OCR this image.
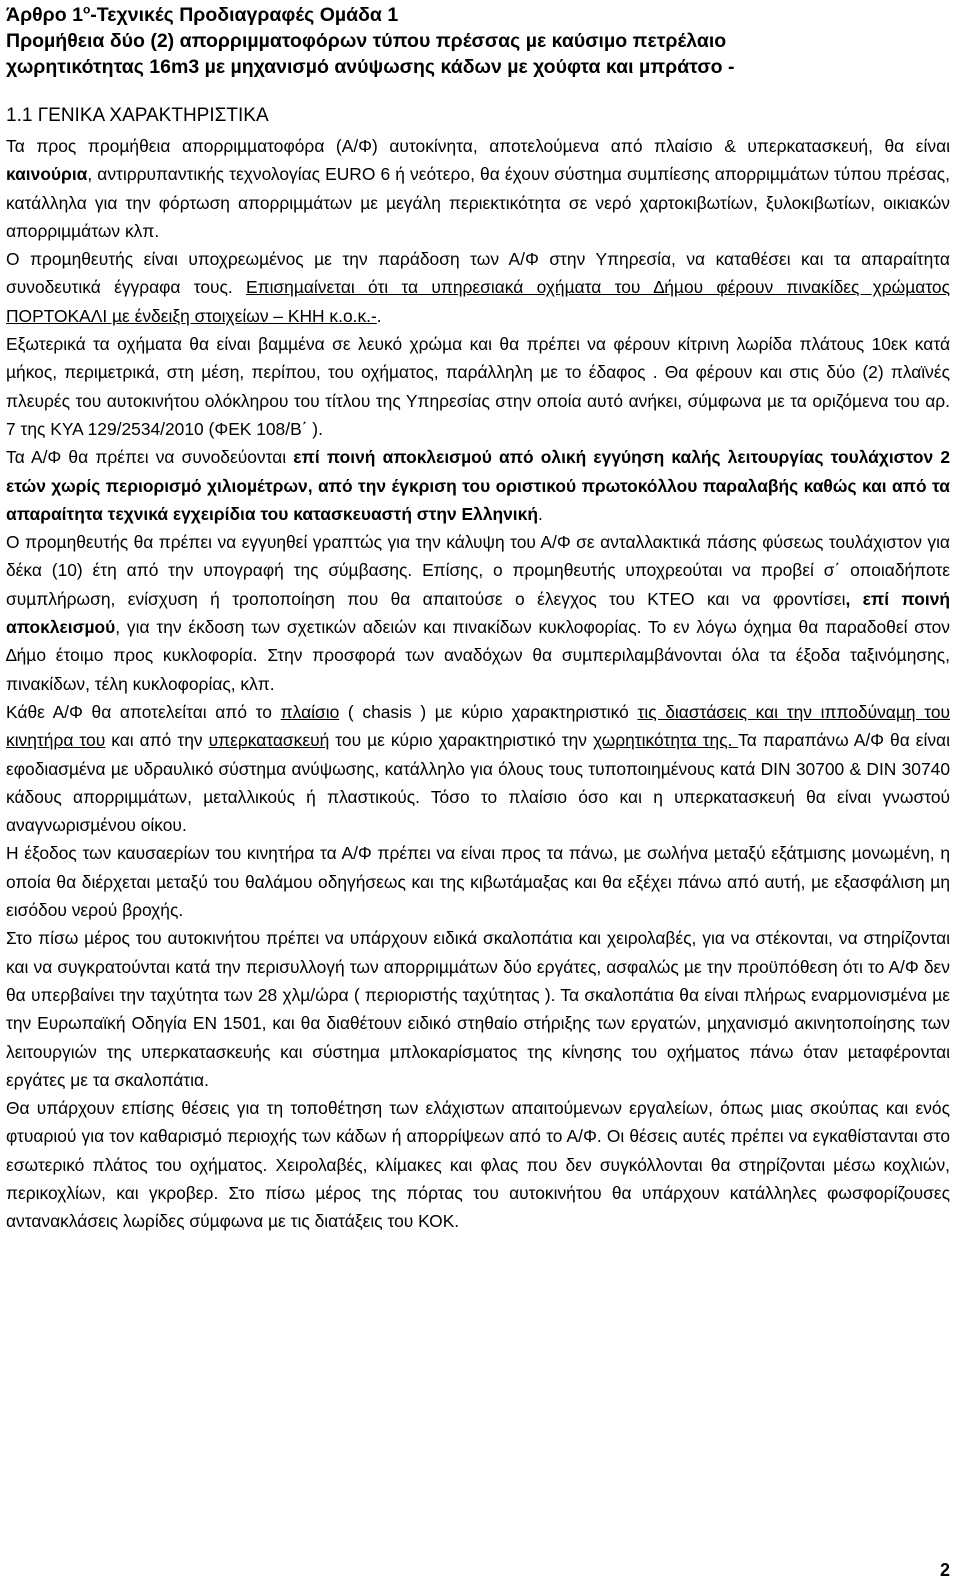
Άρθρο $1^o$-Τεχνικές Προδιαγραφές Οµάδα 1
Προµήθεια δύο (2) απορριµµατοφόρων τύπου πρέσσας µε καύσιµο πετρέλαιο
χωρητικότητας 16m3 µε µηχανισµό ανύψωσης κάδων µε χούφτα και µπράτσο -
1.1 ΓΕΝΙΚΑ ΧΑΡΑΚΤΗΡΙΣΤΙΚΑ

Τα προς προµήθεια απορριµµατοφόρα (Α/Φ) αυτοκίνητα, αποτελούµενα από πλαίσιο & υπερκατασκευή, θα είναι καινούρια, αντιρρυπαντικής τεχνολογίας EURO 6 ή νεότερο, θα έχουν σύστηµα συµπίεσης απορριµµάτων τύπου πρέσας, κατάλληλα για την φόρτωση απορριµµάτων µε µεγάλη περιεκτικότητα σε νερό χαρτοκιβωτίων, ξυλοκιβωτίων, οικιακών απορριµµάτων κλπ.

Ο προµηθευτής είναι υποχρεωµένος µε την παράδοση των Α/Φ στην Υπηρεσία, να καταθέσει και τα απαραίτητα συνοδευτικά έγγραφα τους. Επισηµαίνεται ότι τα υπηρεσιακά οχήµατα του ∆ήµου φέρουν πινακίδες χρώµατος ΠΟΡΤΟΚΑΛΙ µε ένδειξη στοιχείων – ΚΗΗ κ.ο.κ.-.

Εξωτερικά τα οχήµατα θα είναι βαµµένα σε λευκό χρώµα και θα πρέπει να φέρουν κίτρινη λωρίδα πλάτους 10εκ κατά µήκος, περιµετρικά, στη µέση, περίπου, του οχήµατος, παράλληλη µε το έδαφος . Θα φέρουν και στις δύο (2) πλαϊνές πλευρές του αυτοκινήτου ολόκληρου του τίτλου της Υπηρεσίας στην οποία αυτό ανήκει, σύµφωνα µε τα οριζόµενα του αρ. 7 της ΚΥΑ 129/2534/2010 (ΦΕΚ 108/Β΄ ).

Τα Α/Φ θα πρέπει να συνοδεύονται επί ποινή αποκλεισµού από ολική εγγύηση καλής λειτουργίας τουλάχιστον 2 ετών χωρίς περιορισµό χιλιοµέτρων, από την έγκριση του οριστικού πρωτοκόλλου παραλαβής καθώς και από τα απαραίτητα τεχνικά εγχειρίδια του κατασκευαστή στην Ελληνική.

Ο προµηθευτής θα πρέπει να εγγυηθεί γραπτώς για την κάλυψη του Α/Φ σε ανταλλακτικά πάσης φύσεως τουλάχιστον για δέκα (10) έτη από την υπογραφή της σύµβασης. Επίσης, ο προµηθευτής υποχρεούται να προβεί σ΄ οποιαδήποτε συµπλήρωση, ενίσχυση ή τροποποίηση που θα απαιτούσε ο έλεγχος του ΚΤΕΟ και να φροντίσει, επί ποινή αποκλεισµού, για την έκδοση των σχετικών αδειών και πινακίδων κυκλοφορίας. Το εν λόγω όχηµα θα παραδοθεί στον ∆ήµο έτοιµο προς κυκλοφορία. Στην προσφορά των αναδόχων θα συµπεριλαµβάνονται όλα τα έξοδα ταξινόµησης, πινακίδων, τέλη κυκλοφορίας, κλπ.

Κάθε Α/Φ θα αποτελείται από το πλαίσιο ( chasis ) µε κύριο χαρακτηριστικό τις διαστάσεις και την ιπποδύναµη του κινητήρα του και από την υπερκατασκευή του µε κύριο χαρακτηριστικό την χωρητικότητα της. Τα παραπάνω Α/Φ θα είναι εφοδιασµένα µε υδραυλικό σύστηµα ανύψωσης, κατάλληλο για όλους τους τυποποιηµένους κατά DIN 30700 & DIN 30740 κάδους απορριµµάτων, µεταλλικούς ή πλαστικούς. Τόσο το πλαίσιο όσο και η υπερκατασκευή θα είναι γνωστού αναγνωρισµένου οίκου.

Η έξοδος των καυσαερίων του κινητήρα τα Α/Φ πρέπει να είναι προς τα πάνω, µε σωλήνα µεταξύ εξάτµισης µονωµένη, η οποία θα διέρχεται µεταξύ του θαλάµου οδηγήσεως και της κιβωτάµαξας και θα εξέχει πάνω από αυτή, µε εξασφάλιση µη εισόδου νερού βροχής.

Στο πίσω µέρος του αυτοκινήτου πρέπει να υπάρχουν ειδικά σκαλοπάτια και χειρολαβές, για να στέκονται, να στηρίζονται και να συγκρατούνται κατά την περισυλλογή των απορριµµάτων δύο εργάτες, ασφαλώς µε την προϋπόθεση ότι το Α/Φ δεν θα υπερβαίνει την ταχύτητα των 28 χλµ/ώρα ( περιοριστής ταχύτητας ). Τα σκαλοπάτια θα είναι πλήρως εναρµονισµένα µε την Ευρωπαϊκή Οδηγία ΕΝ 1501, και θα διαθέτουν ειδικό στηθαίο στήριξης των εργατών, µηχανισµό ακινητοποίησης των λειτουργιών της υπερκατασκευής και σύστηµα µπλοκαρίσµατος της κίνησης του οχήµατος πάνω όταν µεταφέρονται εργάτες με τα σκαλοπάτια.

Θα υπάρχουν επίσης θέσεις για τη τοποθέτηση των ελάχιστων απαιτούµενων εργαλείων, όπως µιας σκούπας και ενός φτυαριού για τον καθαρισµό περιοχής των κάδων ή απορρίψεων από το Α/Φ. Οι θέσεις αυτές πρέπει να εγκαθίστανται στο εσωτερικό πλάτος του οχήµατος. Χειρολαβές, κλίµακες και φλας που δεν συγκόλλονται θα στηρίζονται µέσω κοχλιών, περικοχλίων, και γκροβερ. Στο πίσω µέρος της πόρτας του αυτοκινήτου θα υπάρχουν κατάλληλες φωσφορίζουσες αντανακλάσεις λωρίδες σύµφωνα µε τις διατάξεις του ΚΟΚ.

2
